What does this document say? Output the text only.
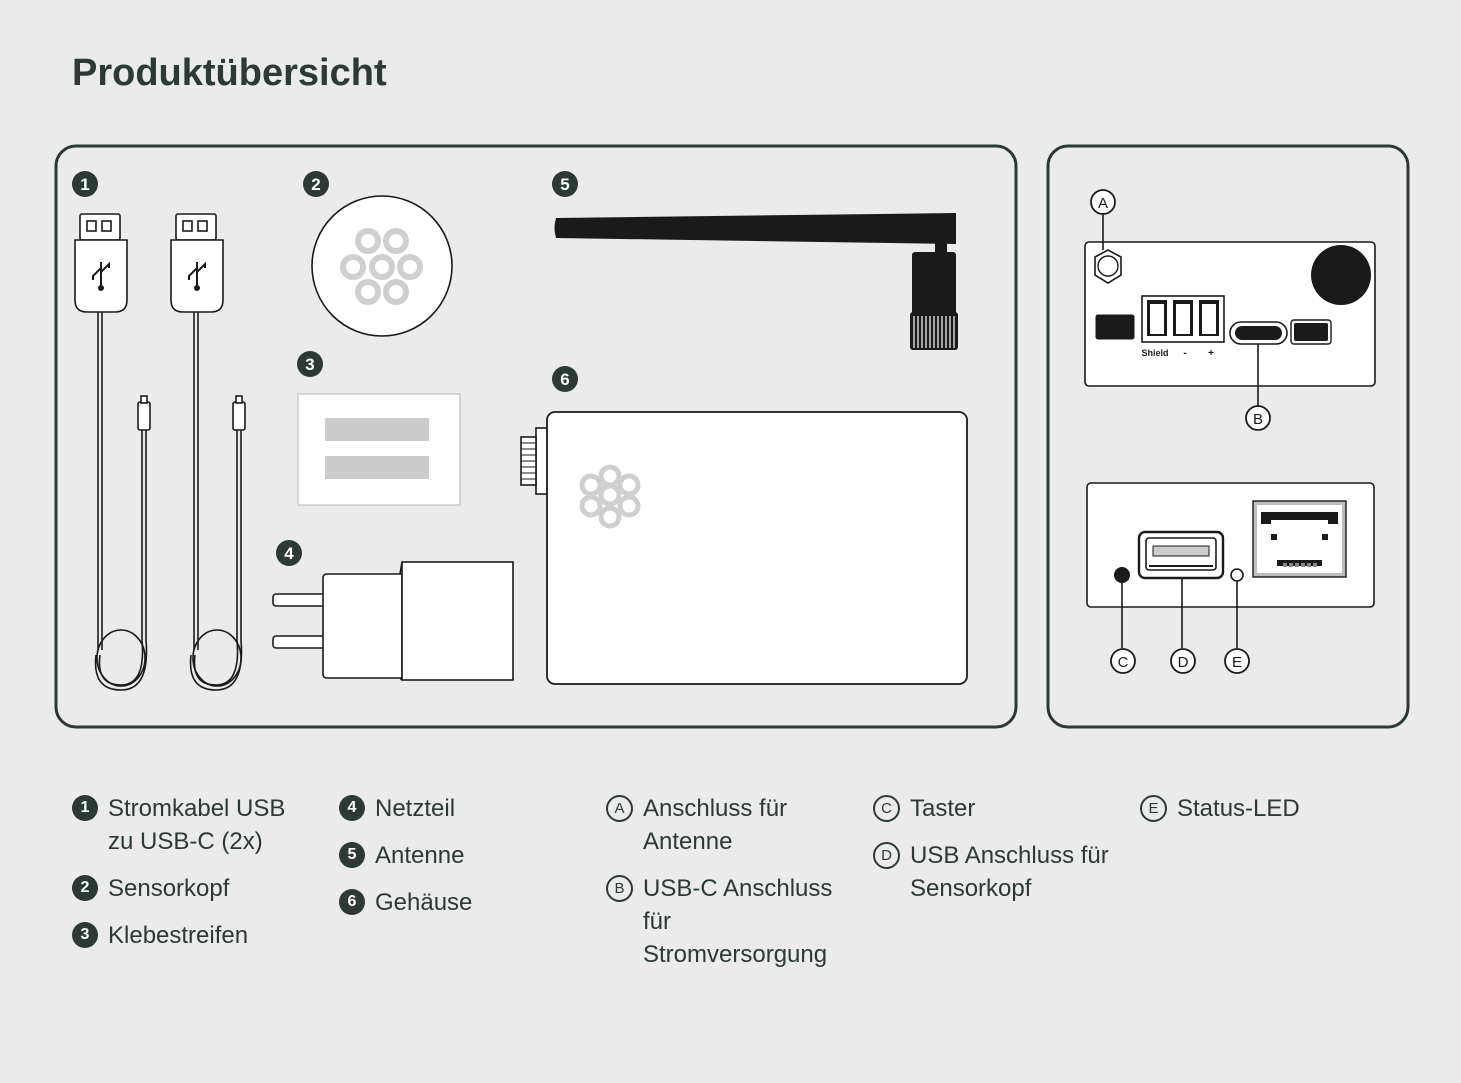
Produktübersicht
1	2
3
4
5
6
Shield - +
A
B
C	D	E
1 Stromkabel USB
zu USB-C (2x)
2 Sensorkopf
3 Klebestreifen
4 Netzteil
5 Antenne
6 Gehäuse
A Anschluss für
Antenne
B USB-C Anschluss für
Stromversorgung
C Taster
D USB Anschluss für
Sensorkopf
E Status-LED
